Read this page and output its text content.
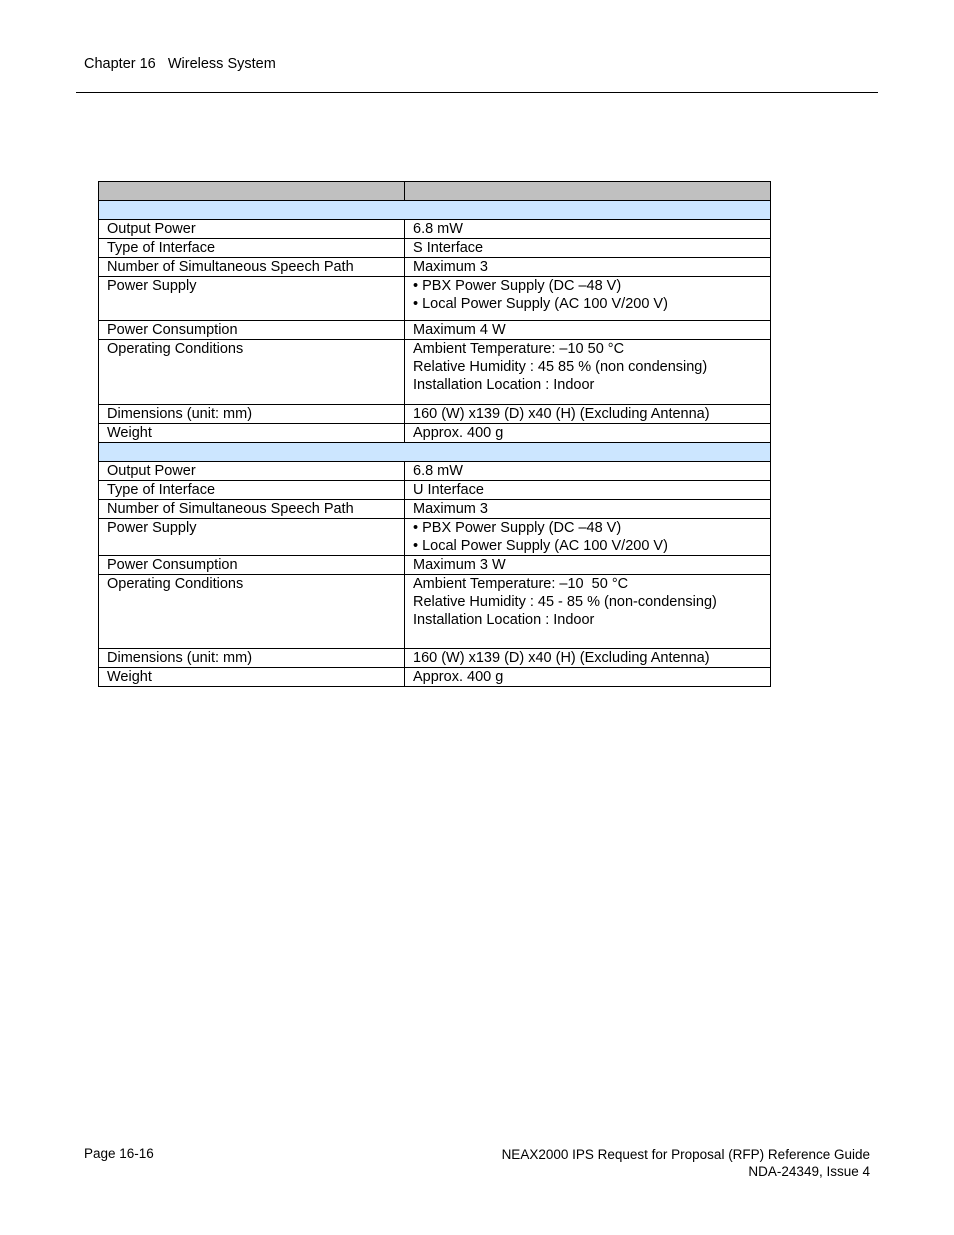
Chapter 16   Wireless System

Output Power	6.8 mW

Type of Interface	S Interface

Number of Simultaneous Speech Path	Maximum 3

Power Supply	• PBX Power Supply (DC –48 V)
• Local Power Supply (AC 100 V/200 V)

Power Consumption	Maximum 4 W

Operating Conditions	Ambient Temperature: –10 50 °C
Relative Humidity : 45 85 % (non condensing)
Installation Location : Indoor

Dimensions (unit: mm)	160 (W) x139 (D) x40 (H) (Excluding Antenna)

Weight	Approx. 400 g

Output Power	6.8 mW

Type of Interface	U Interface

Number of Simultaneous Speech Path	Maximum 3

Power Supply	• PBX Power Supply (DC –48 V)
• Local Power Supply (AC 100 V/200 V)

Power Consumption	Maximum 3 W

Operating Conditions	Ambient Temperature: –10  50 °C
Relative Humidity : 45 - 85 % (non-condensing)
Installation Location : Indoor

Dimensions (unit: mm)	160 (W) x139 (D) x40 (H) (Excluding Antenna)

Weight	Approx. 400 g
Page 16-16	NEAX2000 IPS Request for Proposal (RFP) Reference Guide
NDA-24349, Issue 4
